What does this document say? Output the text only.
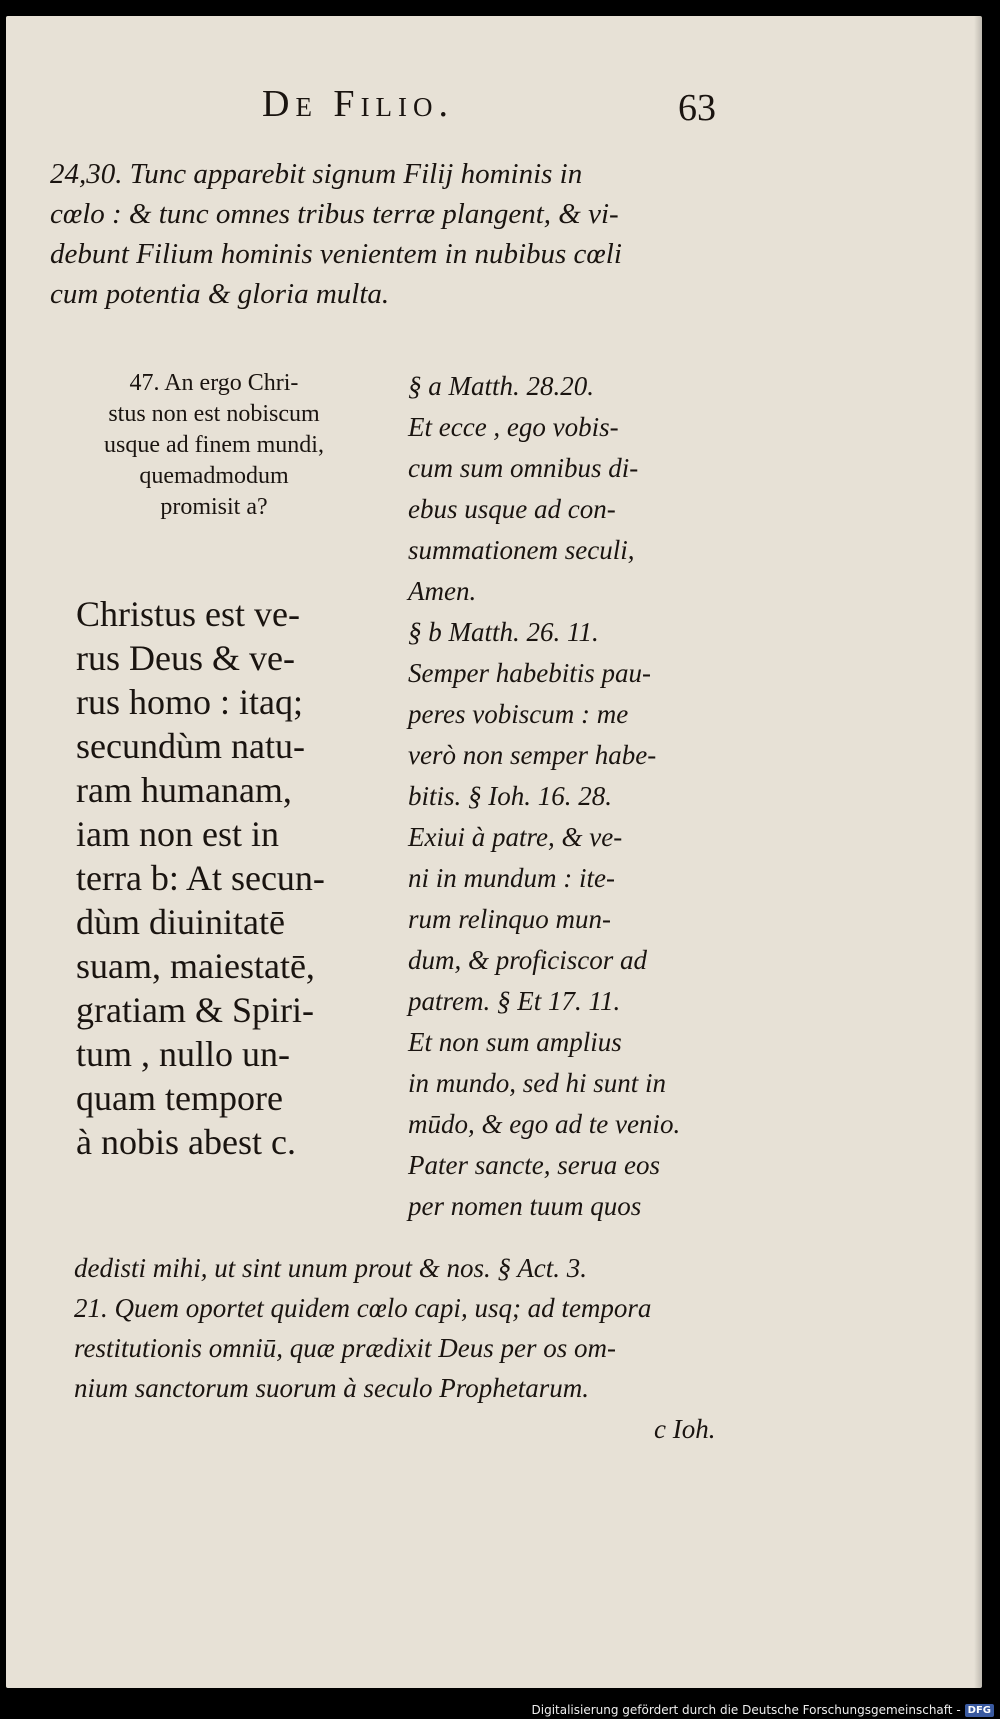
De Filio.	63
24,30. Tunc apparebit signum Filij hominis in
cœlo : & tunc omnes tribus terræ plangent, & vi-
debunt Filium hominis venientem in nubibus cœli
cum potentia & gloria multa.
47. An ergo Chri-
stus non est nobiscum
usque ad finem mundi,
quemadmodum
promisit a?
Christus est ve-
rus Deus & ve-
rus homo : itaq;
secundùm natu-
ram humanam,
iam non est in
terra b: At secun-
dùm diuinitatē
suam, maiestatē,
gratiam & Spiri-
tum , nullo un-
quam tempore
à nobis abest c.
§ a Matth. 28.20.
Et ecce , ego vobis-
cum sum omnibus di-
ebus usque ad con-
summationem seculi,
Amen.
§ b Matth. 26. 11.
Semper habebitis pau-
peres vobiscum : me
verò non semper habe-
bitis. § Ioh. 16. 28.
Exiui à patre, & ve-
ni in mundum : ite-
rum relinquo mun-
dum, & proficiscor ad
patrem. § Et 17. 11.
Et non sum amplius
in mundo, sed hi sunt in
mūdo, & ego ad te venio.
Pater sancte, serua eos
per nomen tuum quos
dedisti mihi, ut sint unum prout & nos. § Act. 3.
21. Quem oportet quidem cœlo capi, usq; ad tempora
restitutionis omniū, quæ prædixit Deus per os om-
nium sanctorum suorum à seculo Prophetarum.
c Ioh.
Digitalisierung gefördert durch die Deutsche Forschungsgemeinschaft - DFG
